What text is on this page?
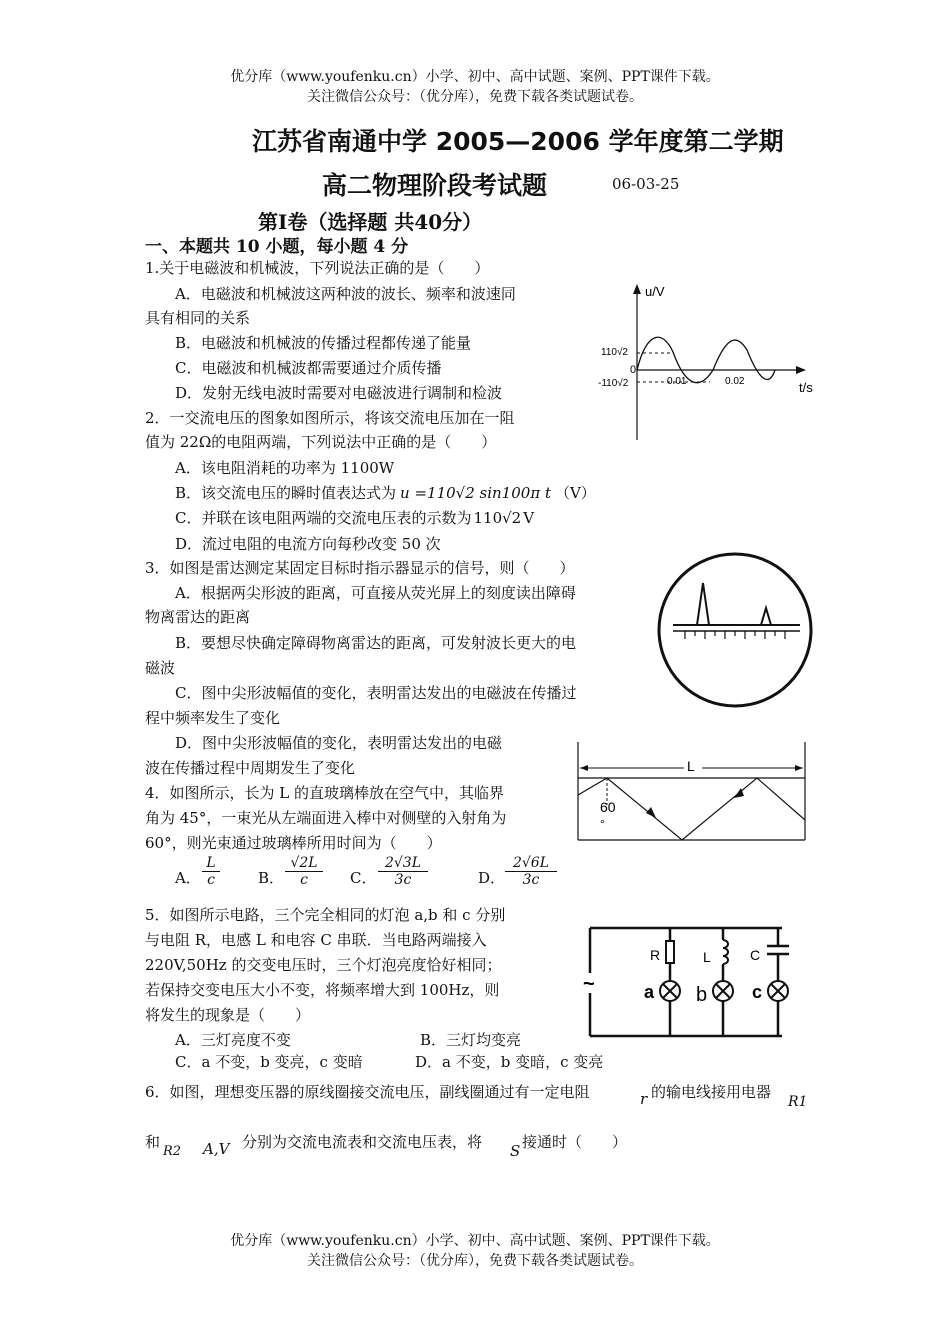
优分库（www.youfenku.cn）小学、初中、高中试题、案例、PPT课件下载。
关注微信公众号：（优分库），免费下载各类试题试卷。
江苏省南通中学 2005—2006 学年度第二学期
高二物理阶段考试题	06-03-25
第Ⅰ卷（选择题 共40分）
一、本题共 10 小题，每小题 4 分
1.关于电磁波和机械波，下列说法正确的是（　　）
A．电磁波和机械波这两种波的波长、频率和波速同
具有相同的关系
B．电磁波和机械波的传播过程都传递了能量
C．电磁波和机械波都需要通过介质传播
D．发射无线电波时需要对电磁波进行调制和检波
u/V
t/s
110√2
-110√2
0
0.01	0.02
2．一交流电压的图象如图所示，将该交流电压加在一阻
值为 22Ω的电阻两端，下列说法中正确的是（　　）
A．该电阻消耗的功率为 1100W
B．该交流电压的瞬时值表达式为 u =110√2 sin100π t （V）
C．并联在该电阻两端的交流电压表的示数为 110√2 V
D．流过电阻的电流方向每秒改变 50 次
3．如图是雷达测定某固定目标时指示器显示的信号，则（　　）
A．根据两尖形波的距离，可直接从荧光屏上的刻度读出障碍
物离雷达的距离
B．要想尽快确定障碍物离雷达的距离，可发射波长更大的电
磁波
C．图中尖形波幅值的变化，表明雷达发出的电磁波在传播过
程中频率发生了变化
D．图中尖形波幅值的变化，表明雷达发出的电磁
波在传播过程中周期发生了变化
4．如图所示，长为 L 的直玻璃棒放在空气中，其临界
角为 45°，一束光从左端面进入棒中对侧壁的入射角为
60°，则光束通过玻璃棒所用时间为（　　）
A． $\frac{L}{c}$	B． $\frac{√2L}{c}$ C． $\frac{2√3L}{3c}$	D． $\frac{2√6L}{3c}$
L
60
°
5．如图所示电路，三个完全相同的灯泡 a,b 和 c 分别
与电阻 R，电感 L 和电容 C 串联．当电路两端接入
220V,50Hz 的交变电压时，三个灯泡亮度恰好相同；
若保持交变电压大小不变，将频率增大到 100Hz，则
将发生的现象是（　　）
A．三灯亮度不变	B．三灯均变亮
C．a 不变，b 变亮，c 变暗	D．a 不变，b 变暗，c 变亮
R	L	C
a b c
~
6．如图，理想变压器的原线圈接交流电压，副线圈通过有一定电阻	r 的输电线接用电器
R1
和
R2 A,V 分别为交流电流表和交流电压表，将 S 接通时（　　）
优分库（www.youfenku.cn）小学、初中、高中试题、案例、PPT课件下载。
关注微信公众号：（优分库），免费下载各类试题试卷。
